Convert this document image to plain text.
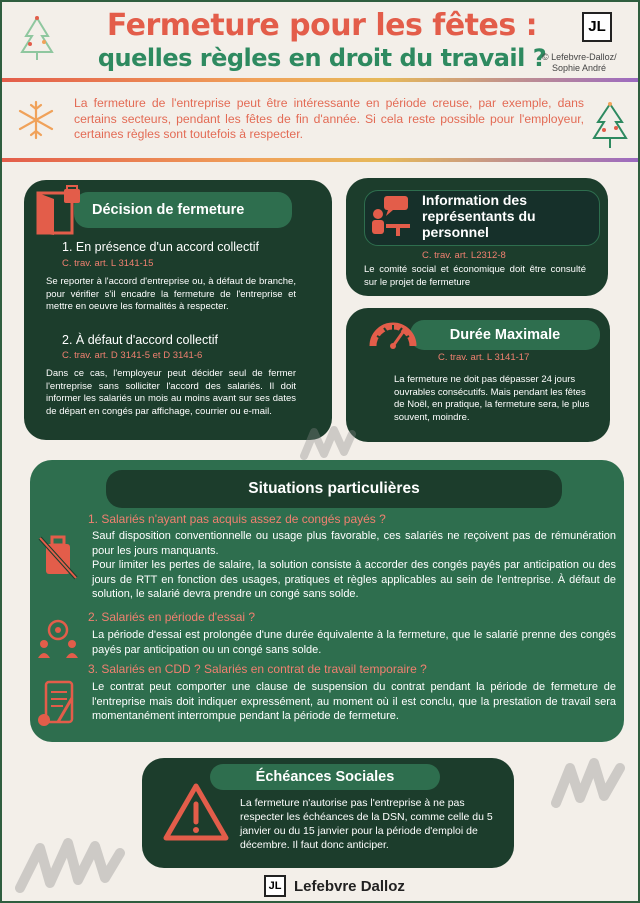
Fermeture pour les fêtes :
quelles règles en droit du travail ?
JL
© Lefebvre-Dalloz/
Sophie André
La fermeture de l'entreprise peut être intéressante en période creuse, par exemple, dans certains secteurs, pendant les fêtes de fin d'année. Si cela reste possible pour l'employeur, certaines règles sont toutefois à respecter.
Décision de fermeture
1. En présence d'un accord collectif
C. trav. art. L 3141-15
Se reporter à l'accord d'entreprise ou, à défaut de branche, pour vérifier s'il encadre la fermeture de l'entreprise et mettre en oeuvre les formalités à respecter.
2. À défaut d'accord collectif
C. trav. art. D 3141-5 et D 3141-6
Dans ce cas, l'employeur peut décider seul de fermer l'entreprise sans solliciter l'accord des salariés. Il doit informer les salariés un mois au moins avant sur ses dates de départ en congés par affichage, courrier ou e-mail.
Information des représentants du personnel
C. trav. art. L2312-8
Le comité social et économique doit être consulté sur le projet de fermeture
Durée Maximale
C. trav. art. L 3141-17
La fermeture ne doit pas dépasser 24 jours ouvrables consécutifs. Mais pendant les fêtes de Noël, en pratique, la fermeture sera, le plus souvent, moindre.
Situations particulières
1. Salariés n'ayant pas acquis assez de congés payés ?
Sauf disposition conventionnelle ou usage plus favorable, ces salariés ne reçoivent pas de rémunération pour les jours manquants.
Pour limiter les pertes de salaire, la solution consiste à accorder des congés payés par anticipation ou des jours de RTT en fonction des usages, pratiques et règles applicables au sein de l'entreprise. À défaut de solution, le salarié devra prendre un congé sans solde.
2. Salariés en période d'essai ?
La période d'essai est prolongée d'une durée équivalente à la fermeture, que le salarié prenne des congés payés par anticipation ou un congé sans solde.
3. Salariés en CDD ? Salariés en contrat de travail temporaire ?
Le contrat peut comporter une clause de suspension du contrat pendant la période de fermeture de l'entreprise mais doit indiquer expressément, au moment où il est conclu, que la prestation de travail sera momentanément interrompue pendant la période de fermeture.
Échéances Sociales
La fermeture n'autorise pas l'entreprise à ne pas respecter les échéances de la DSN, comme celle du 5 janvier ou du 15 janvier pour la période d'emploi de décembre. Il faut donc anticiper.
JL Lefebvre Dalloz
